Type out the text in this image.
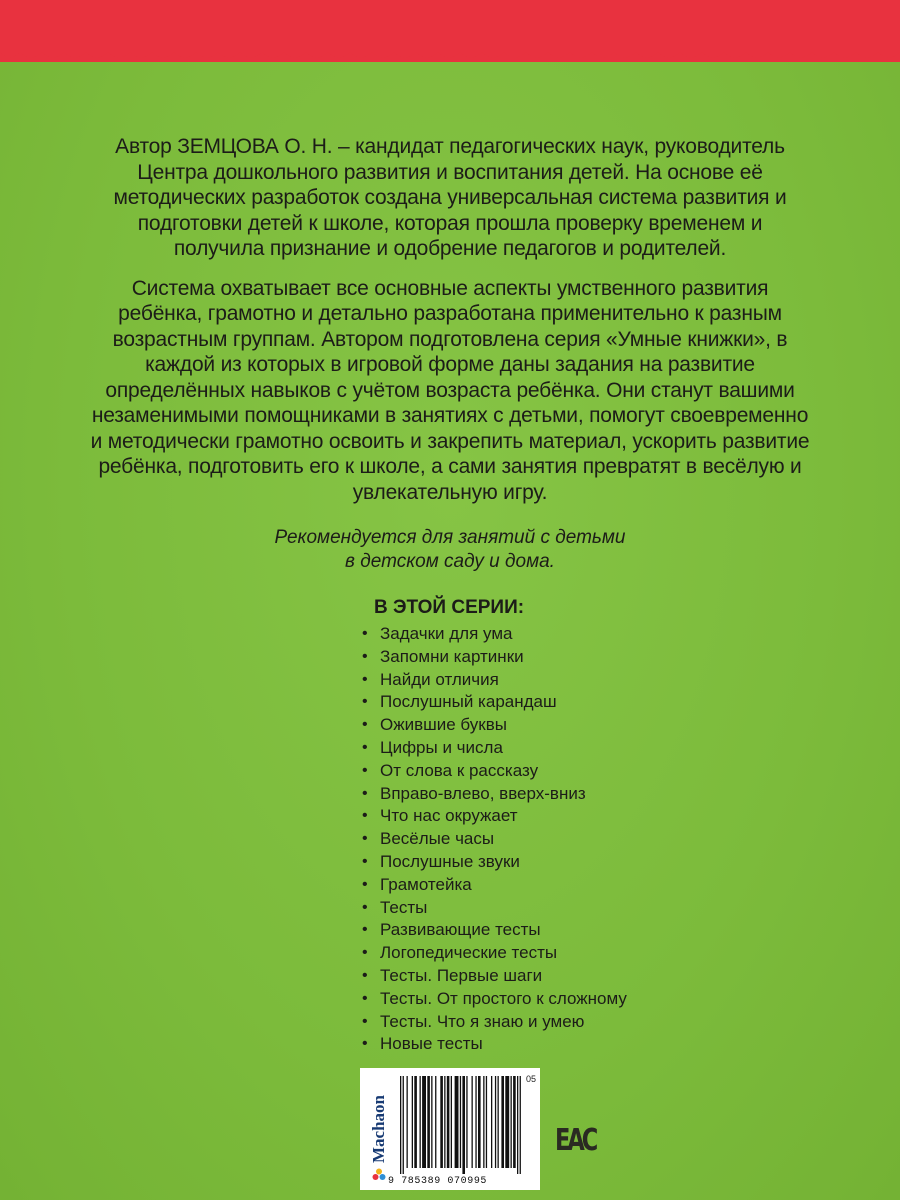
Автор ЗЕМЦОВА О. Н. – кандидат педагогических наук, руководитель Центра дошкольного развития и воспитания детей. На основе её методических разработок создана универсальная система развития и подготовки детей к школе, которая прошла проверку временем и получила признание и одобрение педагогов и родителей.

Система охватывает все основные аспекты умственного развития ребёнка, грамотно и детально разработана применительно к разным возрастным группам. Автором подготовлена серия «Умные книжки», в каждой из которых в игровой форме даны задания на развитие определённых навыков с учётом возраста ребёнка. Они станут вашими незаменимыми помощниками в занятиях с детьми, помогут своевременно и методически грамотно освоить и закрепить материал, ускорить развитие ребёнка, подготовить его к школе, а сами занятия превратят в весёлую и увлекательную игру.

Рекомендуется для занятий с детьми
в детском саду и дома.
В ЭТОЙ СЕРИИ:
• Задачки для ума
• Запомни картинки
• Найди отличия
• Послушный карандаш
• Ожившие буквы
• Цифры и числа
• От слова к рассказу
• Вправо-влево, вверх-вниз
• Что нас окружает
• Весёлые часы
• Послушные звуки
• Грамотейка
• Тесты
• Развивающие тесты
• Логопедические тесты
• Тесты. Первые шаги
• Тесты. От простого к сложному
• Тесты. Что я знаю и умею
• Новые тесты
Machaon
05
9 785389 070995
EAC
